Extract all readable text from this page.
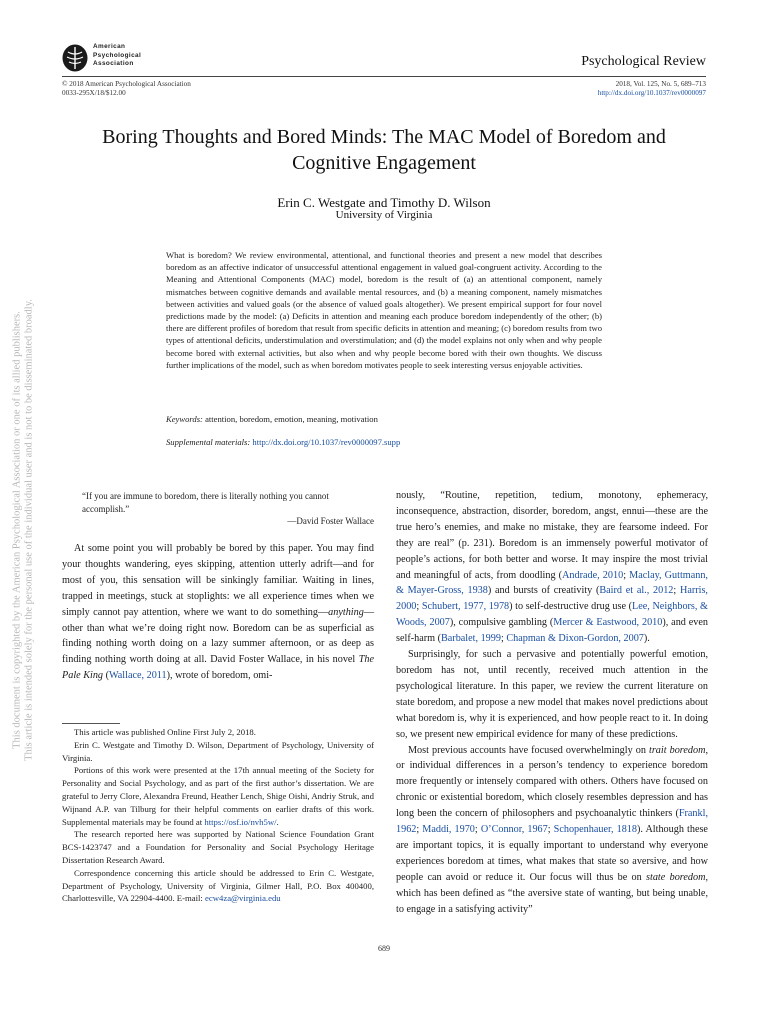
American
Psychological
Association	Psychological Review
© 2018 American Psychological Association
0033-295X/18/$12.00
2018, Vol. 125, No. 5, 689–713
http://dx.doi.org/10.1037/rev0000097
This document is copyrighted by the American Psychological Association or one of its allied publishers. This article is intended solely for the personal use of the individual user and is not to be disseminated broadly.
Boring Thoughts and Bored Minds: The MAC Model of Boredom and Cognitive Engagement
Erin C. Westgate and Timothy D. Wilson
University of Virginia
What is boredom? We review environmental, attentional, and functional theories and present a new model that describes boredom as an affective indicator of unsuccessful attentional engagement in valued goal-congruent activity. According to the Meaning and Attentional Components (MAC) model, boredom is the result of (a) an attentional component, namely mismatches between cognitive demands and available mental resources, and (b) a meaning component, namely mismatches between activities and valued goals (or the absence of valued goals altogether). We present empirical support for four novel predictions made by the model: (a) Deficits in attention and meaning each produce boredom independently of the other; (b) there are different profiles of boredom that result from specific deficits in attention and meaning; (c) boredom results from two types of attentional deficits, understimulation and overstimulation; and (d) the model explains not only when and why people become bored with external activities, but also when and why people become bored with their own thoughts. We discuss further implications of the model, such as when boredom motivates people to seek interesting versus enjoyable activities.
Keywords: attention, boredom, emotion, meaning, motivation
Supplemental materials: http://dx.doi.org/10.1037/rev0000097.supp
“If you are immune to boredom, there is literally nothing you cannot accomplish.”
—David Foster Wallace

At some point you will probably be bored by this paper. You may find your thoughts wandering, eyes skipping, attention utterly adrift—and for most of you, this sensation will be sinkingly familiar. Waiting in lines, trapped in meetings, stuck at stoplights: we all experience times when we simply cannot pay attention, where we want to do something—anything—other than what we’re doing right now. Boredom can be as superficial as finding nothing worth doing on a lazy summer afternoon, or as deep as finding nothing worth doing at all. David Foster Wallace, in his novel The Pale King (Wallace, 2011), wrote of boredom, omi-

This article was published Online First July 2, 2018.

Erin C. Westgate and Timothy D. Wilson, Department of Psychology, University of Virginia.

Portions of this work were presented at the 17th annual meeting of the Society for Personality and Social Psychology, and as part of the first author’s dissertation. We are grateful to Jerry Clore, Alexandra Freund, Heather Lench, Shige Oishi, Andriy Struk, and Wijnand A.P. van Tilburg for their helpful comments on earlier drafts of this work. Supplemental materials may be found at https://osf.io/nvh5w/.

The research reported here was supported by National Science Foundation Grant BCS-1423747 and a Foundation for Personality and Social Psychology Heritage Dissertation Research Award.

Correspondence concerning this article should be addressed to Erin C. Westgate, Department of Psychology, University of Virginia, Gilmer Hall, P.O. Box 400400, Charlottesville, VA 22904-4400. E-mail: ecw4za@virginia.edu

nously, “Routine, repetition, tedium, monotony, ephemeracy, inconsequence, abstraction, disorder, boredom, angst, ennui—these are the true hero’s enemies, and make no mistake, they are fearsome indeed. For they are real” (p. 231). Boredom is an immensely powerful motivator of people’s actions, for both better and worse. It may inspire the most trivial and meaningful of acts, from doodling (Andrade, 2010; Maclay, Guttmann, & Mayer-Gross, 1938) and bursts of creativity (Baird et al., 2012; Harris, 2000; Schubert, 1977, 1978) to self-destructive drug use (Lee, Neighbors, & Woods, 2007), compulsive gambling (Mercer & Eastwood, 2010), and even self-harm (Barbalet, 1999; Chapman & Dixon-Gordon, 2007).

Surprisingly, for such a pervasive and potentially powerful emotion, boredom has not, until recently, received much attention in the psychological literature. In this paper, we review the current literature on state boredom, and propose a new model that makes novel predictions about what boredom is, why it is experienced, and how people react to it. In doing so, we present new empirical evidence for many of these predictions.

Most previous accounts have focused overwhelmingly on trait boredom, or individual differences in a person’s tendency to experience boredom more frequently or intensely compared with others. Others have focused on chronic or existential boredom, which closely resembles depression and has long been the concern of philosophers and psychoanalytic thinkers (Frankl, 1962; Maddi, 1970; O’Connor, 1967; Schopenhauer, 1818). Although these are important topics, it is equally important to understand why everyone experiences boredom at times, what makes that state so aversive, and how people can avoid or reduce it. Our focus will thus be on state boredom, which has been defined as “the aversive state of wanting, but being unable, to engage in a satisfying activity”

689
